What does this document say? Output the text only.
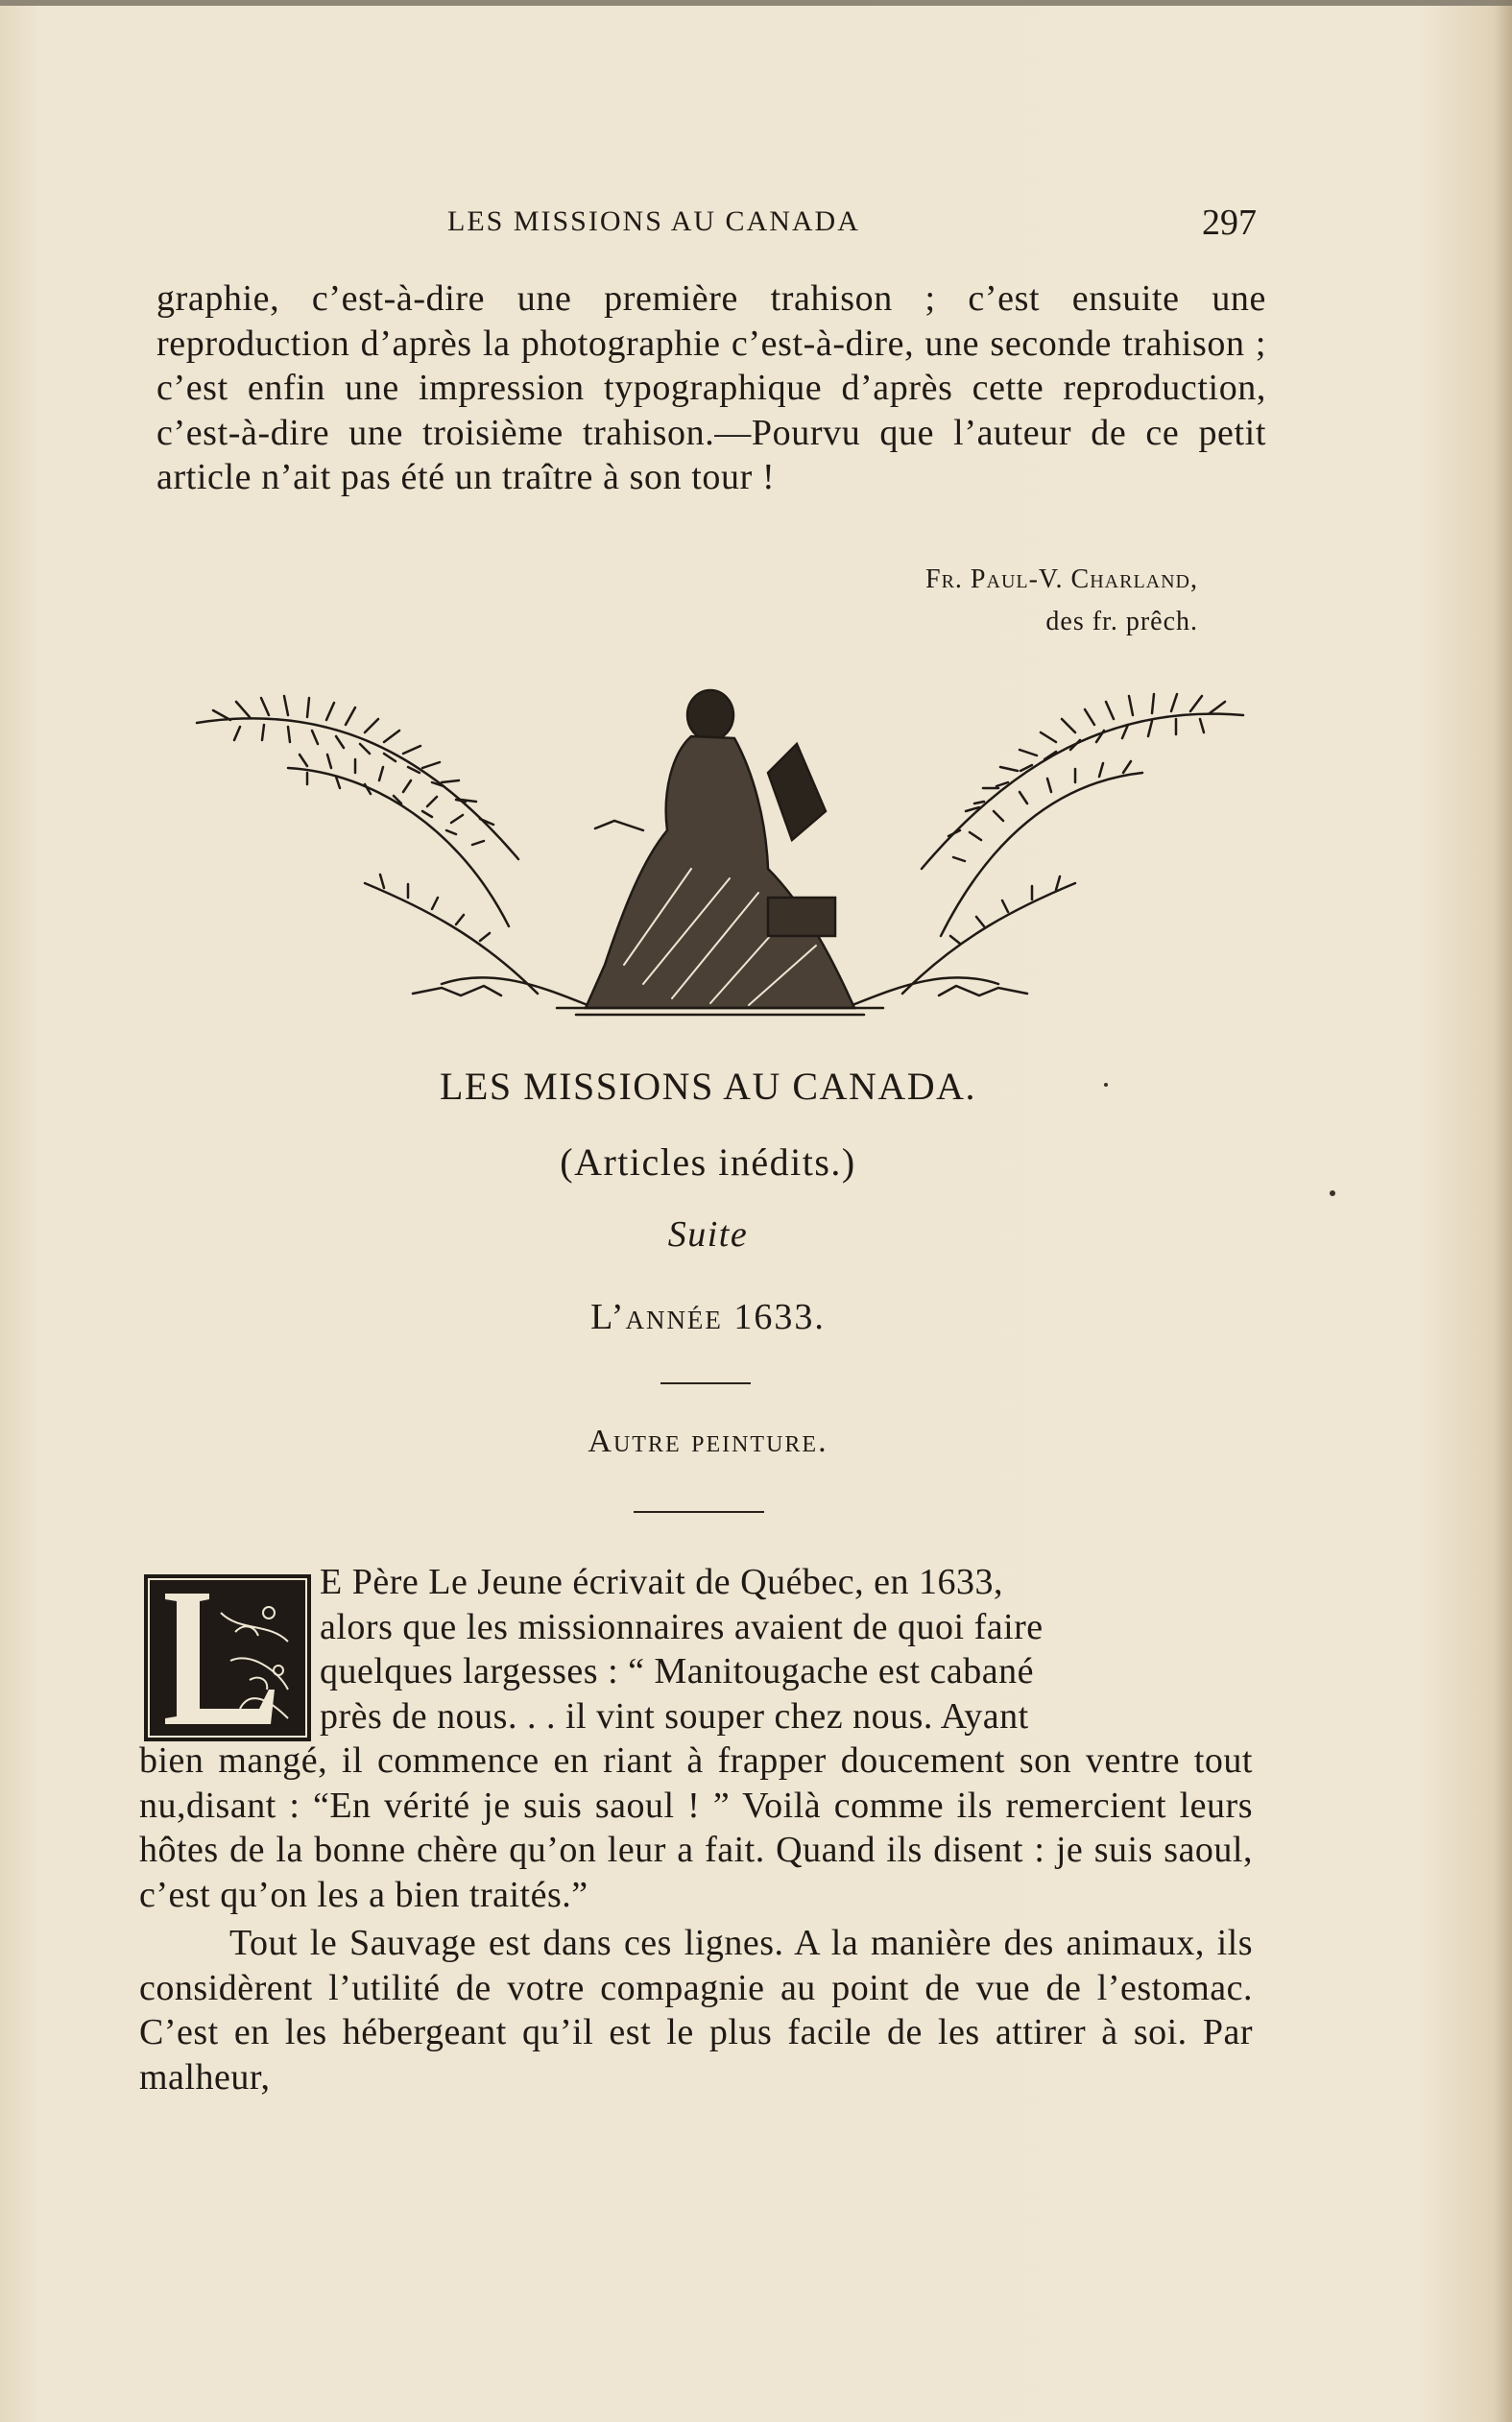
LES MISSIONS AU CANADA	297
graphie, c’est-à-dire une première trahison ; c’est ensuite une reproduction d’après la photographie c’est-à-dire, une seconde trahison ; c’est enfin une impression typographique d’après cette reproduction, c’est-à-dire une troisième trahison.—Pourvu que l’auteur de ce petit article n’ait pas été un traître à son tour !
Fr. Paul-V. Charland,
des fr. prêch.
LES MISSIONS AU CANADA.
(Articles inédits.)
Suite
L’année 1633.
Autre peinture.
E Père Le Jeune écrivait de Québec, en 1633,
alors que les missionnaires avaient de quoi faire
quelques largesses : “ Manitougache est cabané
près de nous. . . il vint souper chez nous. Ayant

bien mangé, il commence en riant à frapper doucement son ventre tout nu,disant : “En vérité je suis saoul ! ” Voilà comme ils remercient leurs hôtes de la bonne chère qu’on leur a fait. Quand ils disent : je suis saoul, c’est qu’on les a bien traités.”

Tout le Sauvage est dans ces lignes. A la manière des animaux, ils considèrent l’utilité de votre compagnie au point de vue de l’estomac. C’est en les hébergeant qu’il est le plus facile de les attirer à soi. Par malheur,
